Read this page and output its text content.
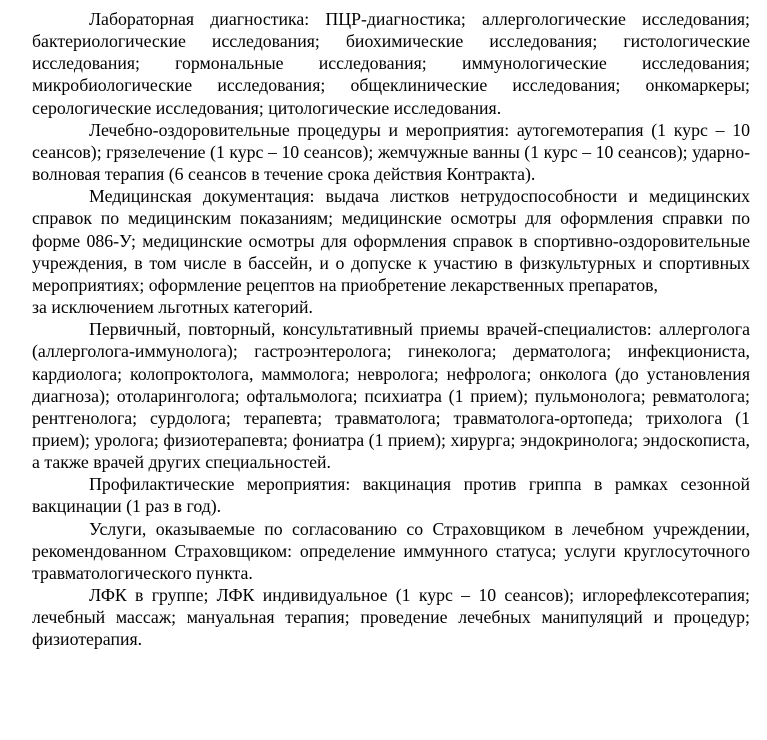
Лабораторная диагностика: ПЦР-диагностика; аллергологические исследования; бактериологические исследования; биохимические исследования; гистологические исследования; гормональные исследования; иммунологические исследования; микробиологические исследования; общеклинические исследования; онкомаркеры; серологические исследования; цитологические исследования.

Лечебно-оздоровительные процедуры и мероприятия: аутогемотерапия (1 курс – 10 сеансов); грязелечение (1 курс – 10 сеансов); жемчужные ванны (1 курс – 10 сеансов); ударно-волновая терапия (6 сеансов в течение срока действия Контракта).

Медицинская документация: выдача листков нетрудоспособности и медицинских справок по медицинским показаниям; медицинские осмотры для оформления справки по форме 086-У; медицинские осмотры для оформления справок в спортивно-оздоровительные учреждения, в том числе в бассейн, и о допуске к участию в физкультурных и спортивных мероприятиях; оформление рецептов на приобретение лекарственных препаратов,

за исключением льготных категорий.

Первичный, повторный, консультативный приемы врачей-специалистов: аллерголога (аллерголога-иммунолога); гастроэнтеролога; гинеколога; дерматолога; инфекциониста, кардиолога; колопроктолога, маммолога; невролога; нефролога; онколога (до установления диагноза); отоларинголога; офтальмолога; психиатра (1 прием); пульмонолога; ревматолога; рентгенолога; сурдолога; терапевта; травматолога; травматолога-ортопеда; трихолога (1 прием); уролога; физиотерапевта; фониатра (1 прием); хирурга; эндокринолога; эндоскописта, а также врачей других специальностей.

Профилактические мероприятия: вакцинация против гриппа в рамках сезонной вакцинации (1 раз в год).

Услуги, оказываемые по согласованию со Страховщиком в лечебном учреждении, рекомендованном Страховщиком: определение иммунного статуса; услуги круглосуточного травматологического пункта.

ЛФК в группе; ЛФК индивидуальное (1 курс – 10 сеансов); иглорефлексотерапия; лечебный массаж; мануальная терапия; проведение лечебных манипуляций и процедур; физиотерапия.
